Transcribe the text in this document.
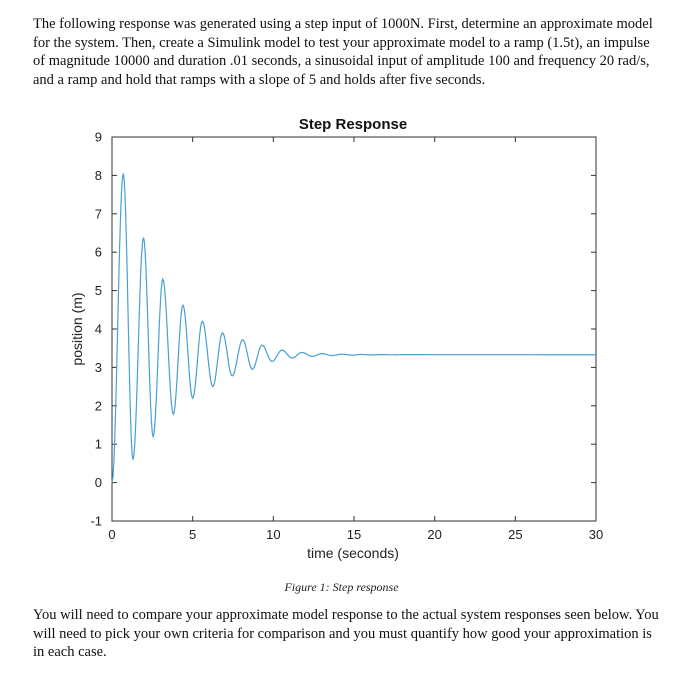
The following response was generated using a step input of 1000N. First, determine an approximate model for the system. Then, create a Simulink model to test your approximate model to a ramp (1.5t), an impulse of magnitude 10000 and duration .01 seconds, a sinusoidal input of amplitude 100 and frequency 20 rad/s, and a ramp and hold that ramps with a slope of 5 and holds after five seconds.
Step Response
0	5	10	15	20	25	30
-1
0
1
2
3
4
5
6
7
8
9
time (seconds)
position (m)
Figure 1: Step response
You will need to compare your approximate model response to the actual system responses seen below. You will need to pick your own criteria for comparison and you must quantify how good your approximation is in each case.
